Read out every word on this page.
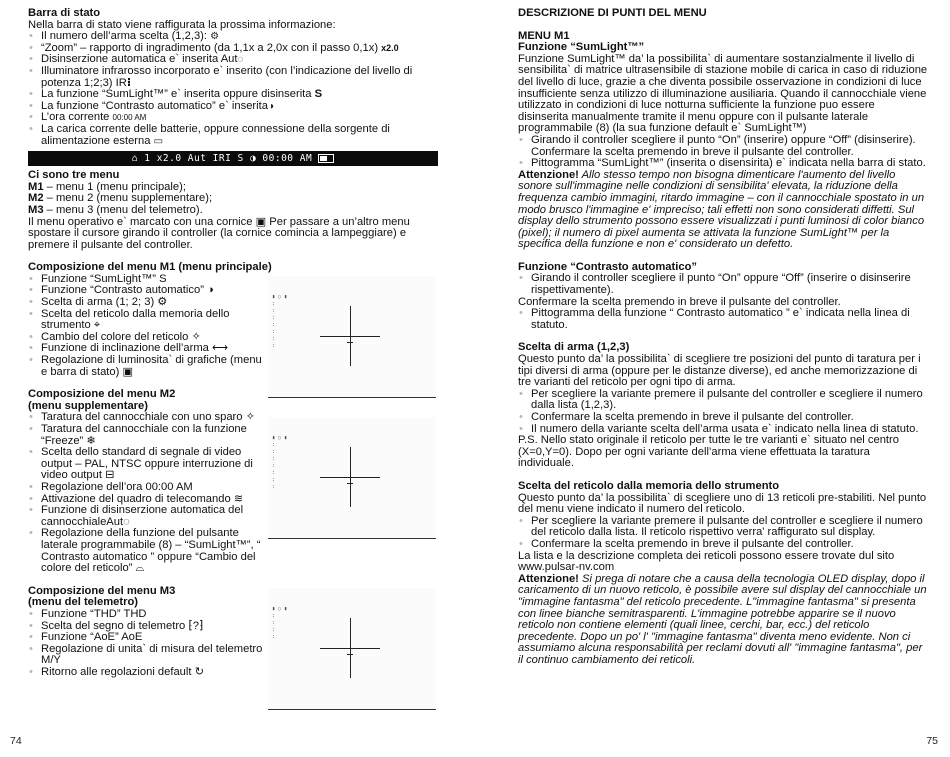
Barra di stato

Nella barra di stato viene raffigurata la prossima informazione:

• Il numero dell’arma scelta (1,2,3): ⚙

• “Zoom” – rapporto di ingradimento (da 1,1x a 2,0x con il passo 0,1x) x2.0

• Disinserzione automatica e` inserita Aut◌

• Illuminatore infrarosso incorporato e` inserito (con l’indicazione del livello di potenza 1;2;3) IR⁝

• La funzione “SumLight™” e` inserita oppure disinserita S

• La funzione “Contrasto automatico” e` inserita◑

• L’ora corrente 00:00 AM

• La carica corrente delle batterie, oppure connessione della sorgente di alimentazione esterna ▭

⌂ 1 x2.0 Aut IRI S ◑ 00:00 AM

Ci sono tre menu

M1 – menu 1 (menu principale);

M2 – menu 2 (menu supplementare);

M3 – menu 3 (menu del telemetro).

Il menu operativo e` marcato con una cornice ▣ Per passare a un’altro menu spostare il cursore girando il controller (la cornice comincia a lampeggiare) e premere il pulsante del controller.

Composizione del menu M1 (menu principale)

▮ ▯ ▮
:
:
:
:
:
:
:

• Funzione “SumLight™” S

• Funzione “Contrasto automatico” ◑

• Scelta di arma (1; 2; 3) ⚙

• Scelta del reticolo dalla memoria dello strumento ⌖

• Cambio del colore del reticolo ✧

• Funzione di inclinazione dell’arma ⟷

• Regolazione di luminosita` di grafiche (menu e barra di stato) ▣

Composizione del menu M2

▮ ▯ ▮
:
:
:
:
:
:
:

(menu supplementare)

• Taratura del cannocchiale con uno sparo ✧

• Taratura del cannocchiale con la funzione “Freeze” ❄

• Scelta dello standard di segnale di video output – PAL, NTSC oppure interruzione di video output ⊟

• Regolazione dell’ora 00:00 AM

• Attivazione del quadro di telecomando ≋

• Funzione di disinserzione automatica del cannocchialeAut◌

• Regolazione della funzione del pulsante laterale programmabile (8) – “SumLight™”, “ Contrasto automatico ” oppure “Cambio del colore del reticolo” ⌓

Composizione del menu M3

▮ ▯ ▮
:
:
:
:

(menu del telemetro)

• Funzione “THD” THD

• Scelta del segno di telemetro ⁅?⁆

• Funzione “AoE” AoE

• Regolazione di unita` di misura del telemetro M/Y

• Ritorno alle regolazioni default ↻

74

DESCRIZIONE DI PUNTI DEL MENU

MENU M1

Funzione “SumLight™”

Funzione SumLight™ da’ la possibilita` di aumentare sostanzialmente il livello di sensibilita` di matrice ultrasensibile di stazione mobile di carica in caso di riduzione del livello di luce, grazie a che diventa possibile osservazione in condizioni di luce insufficiente senza utilizzo di illuminazione ausiliaria. Quando il cannocchiale viene utilizzato in condizioni di luce notturna sufficiente la funzione puo essere disinserita manualmente tramite il menu oppure con il pulsante laterale programmabile (8) (la sua funzione default e` SumLight™)

• Girando il controller scegliere il punto “On” (inserire) oppure “Off” (disinserire). Confermare la scelta premendo in breve il pulsante del controller.

• Pittogramma “SumLight™” (inserita o disensirita) e` indicata nella barra di stato.

Attenzione! Allo stesso tempo non bisogna dimenticare l'aumento del livello sonore sull'immagine nelle condizioni di sensibilita' elevata, la riduzione della frequenza cambio immagini, ritardo immagine – con il cannocchiale spostato in un modo brusco l'immagine e' impreciso; tali effetti non sono considerati diffetti. Sul display dello strumento possono essere visualizzati i punti luminosi di color bianco (pixel); il numero di pixel aumenta se attivata la funzione SumLight™ per la specifica della funzione e non e' considerato un defetto.

Funzione “Contrasto automatico”

• Girando il controller scegliere il punto “On” oppure “Off” (inserire o disinserire rispettivamente).

Confermare la scelta premendo in breve il pulsante del controller.

• Pittogramma della funzione “ Contrasto automatico ” e` indicata nella linea di statuto.

Scelta di arma (1,2,3)

Questo punto da’ la possibilita` di scegliere tre posizioni del punto di taratura per i tipi diversi di arma (oppure per le distanze diverse), ed anche memorizzazione di tre varianti del reticolo per ogni tipo di arma.

• Per scegliere la variante premere il pulsante del controller e scegliere il numero dalla lista (1,2,3).

• Confermare la scelta premendo in breve il pulsante del controller.

• Il numero della variante scelta dell’arma usata e` indicato nella linea di statuto.

P.S. Nello stato originale il reticolo per tutte le tre varianti e` situato nel centro (X=0,Y=0). Dopo per ogni variante dell’arma viene effettuata la taratura individuale.

Scelta del reticolo dalla memoria dello strumento

Questo punto da’ la possibilita` di scegliere uno di 13 reticoli pre-stabiliti. Nel punto del menu viene indicato il numero del reticolo.

• Per scegliere la variante premere il pulsante del controller e scegliere il numero del reticolo dalla lista. Il reticolo rispettivo verra' raffigurato sul display.

• Confermare la scelta premendo in breve il pulsante del controller.

La lista e la descrizione completa dei reticoli possono essere trovate dul sito www.pulsar-nv.com

Attenzione! Si prega di notare che a causa della tecnologia OLED display, dopo il caricamento di un nuovo reticolo, è possibile avere sul display del cannocchiale un "immagine fantasma" del reticolo precedente. L"immagine fantasma" si presenta con linee bianche semitrasparenti. L'immagine potrebbe apparire se il nuovo reticolo non contiene elementi (quali linee, cerchi, bar, ecc.) del reticolo precedente. Dopo un po' l' "immagine fantasma" diventa meno evidente. Non ci assumiamo alcuna responsabilità per reclami dovuti all' "immagine fantasma", per il continuo cambiamento dei reticoli.

75
